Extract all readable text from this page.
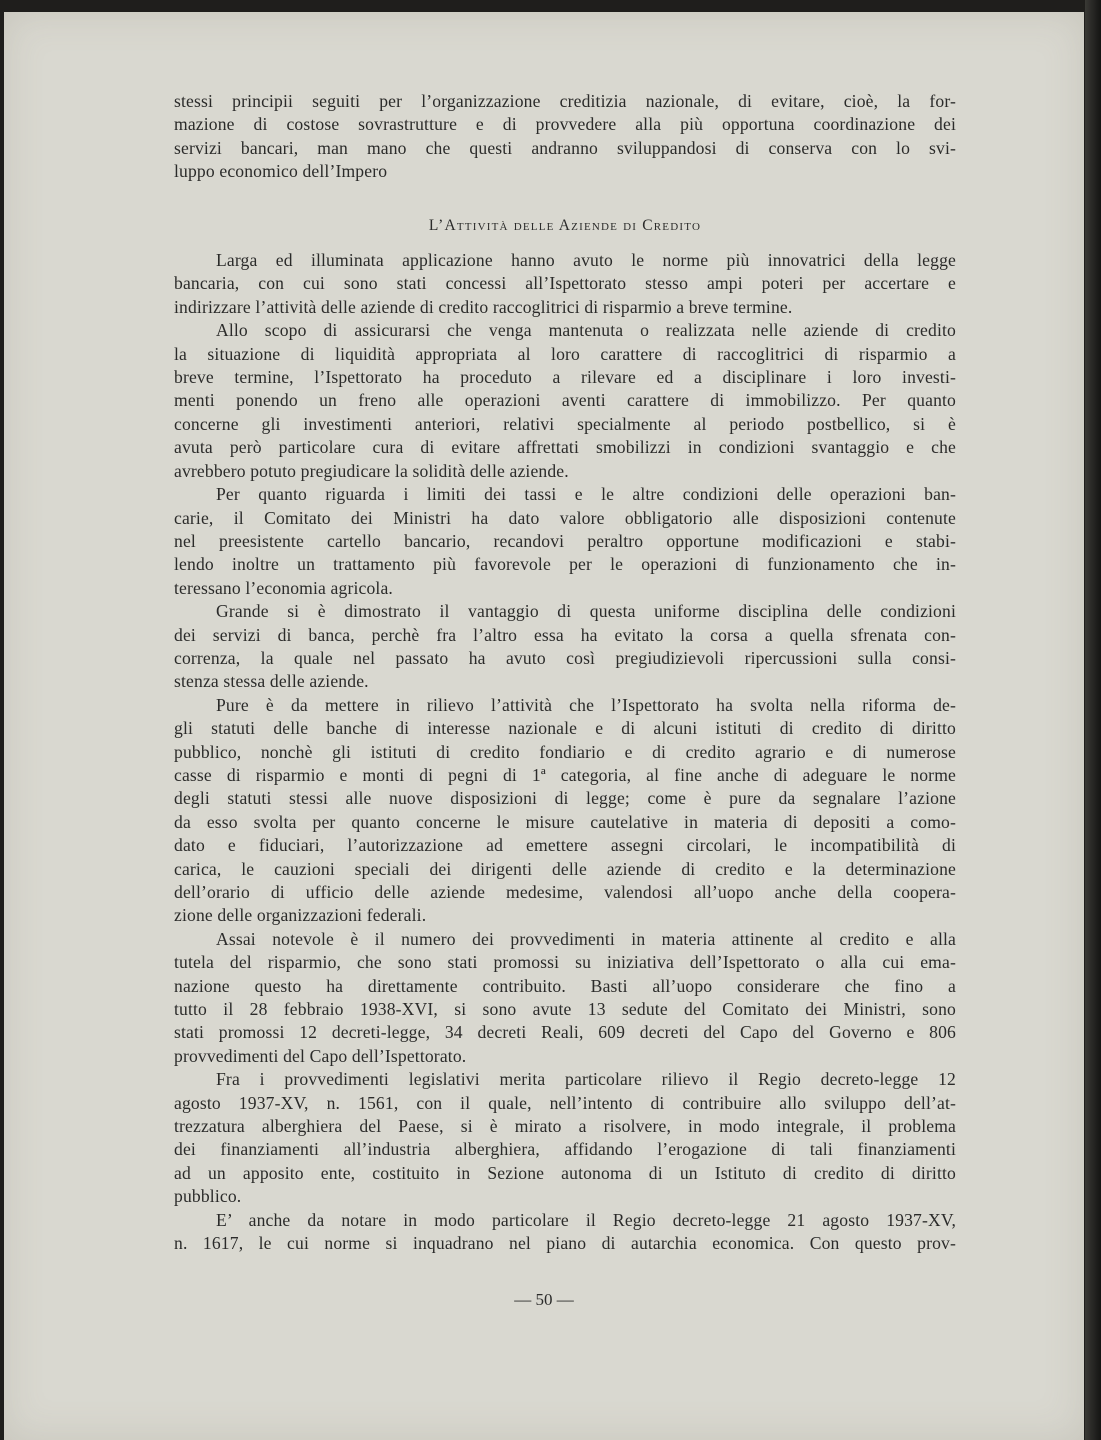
stessi principii seguiti per l’organizzazione creditizia nazionale, di evitare, cioè, la for-

mazione di costose sovrastrutture e di provvedere alla più opportuna coordinazione dei

servizi bancari, man mano che questi andranno sviluppandosi di conserva con lo svi-

luppo economico dell’Impero

L’Attività delle Aziende di Credito

Larga ed illuminata applicazione hanno avuto le norme più innovatrici della legge

bancaria, con cui sono stati concessi all’Ispettorato stesso ampi poteri per accertare e

indirizzare l’attività delle aziende di credito raccoglitrici di risparmio a breve termine.

Allo scopo di assicurarsi che venga mantenuta o realizzata nelle aziende di credito

la situazione di liquidità appropriata al loro carattere di raccoglitrici di risparmio a

breve termine, l’Ispettorato ha proceduto a rilevare ed a disciplinare i loro investi-

menti ponendo un freno alle operazioni aventi carattere di immobilizzo. Per quanto

concerne gli investimenti anteriori, relativi specialmente al periodo postbellico, si è

avuta però particolare cura di evitare affrettati smobilizzi in condizioni svantaggio e che

avrebbero potuto pregiudicare la solidità delle aziende.

Per quanto riguarda i limiti dei tassi e le altre condizioni delle operazioni ban-

carie, il Comitato dei Ministri ha dato valore obbligatorio alle disposizioni contenute

nel preesistente cartello bancario, recandovi peraltro opportune modificazioni e stabi-

lendo inoltre un trattamento più favorevole per le operazioni di funzionamento che in-

teressano l’economia agricola.

Grande si è dimostrato il vantaggio di questa uniforme disciplina delle condizioni

dei servizi di banca, perchè fra l’altro essa ha evitato la corsa a quella sfrenata con-

correnza, la quale nel passato ha avuto così pregiudizievoli ripercussioni sulla consi-

stenza stessa delle aziende.

Pure è da mettere in rilievo l’attività che l’Ispettorato ha svolta nella riforma de-

gli statuti delle banche di interesse nazionale e di alcuni istituti di credito di diritto

pubblico, nonchè gli istituti di credito fondiario e di credito agrario e di numerose

casse di risparmio e monti di pegni di 1ª categoria, al fine anche di adeguare le norme

degli statuti stessi alle nuove disposizioni di legge; come è pure da segnalare l’azione

da esso svolta per quanto concerne le misure cautelative in materia di depositi a como-

dato e fiduciari, l’autorizzazione ad emettere assegni circolari, le incompatibilità di

carica, le cauzioni speciali dei dirigenti delle aziende di credito e la determinazione

dell’orario di ufficio delle aziende medesime, valendosi all’uopo anche della coopera-

zione delle organizzazioni federali.

Assai notevole è il numero dei provvedimenti in materia attinente al credito e alla

tutela del risparmio, che sono stati promossi su iniziativa dell’Ispettorato o alla cui ema-

nazione questo ha direttamente contribuito. Basti all’uopo considerare che fino a

tutto il 28 febbraio 1938-XVI, si sono avute 13 sedute del Comitato dei Ministri, sono

stati promossi 12 decreti-legge, 34 decreti Reali, 609 decreti del Capo del Governo e 806

provvedimenti del Capo dell’Ispettorato.

Fra i provvedimenti legislativi merita particolare rilievo il Regio decreto-legge 12

agosto 1937-XV, n. 1561, con il quale, nell’intento di contribuire allo sviluppo dell’at-

trezzatura alberghiera del Paese, si è mirato a risolvere, in modo integrale, il problema

dei finanziamenti all’industria alberghiera, affidando l’erogazione di tali finanziamenti

ad un apposito ente, costituito in Sezione autonoma di un Istituto di credito di diritto

pubblico.

E’ anche da notare in modo particolare il Regio decreto-legge 21 agosto 1937-XV,

n. 1617, le cui norme si inquadrano nel piano di autarchia economica. Con questo prov-

— 50 —
